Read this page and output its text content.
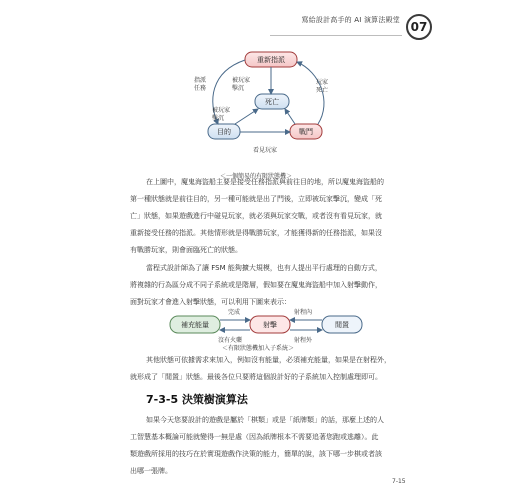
寫給設計高手的 AI 演算法殿堂 07
重新指派
死亡
目的	戰鬥
指派任務
被玩家擊沉
被玩家擊沉
玩家死亡
看見玩家
＜一個簡易的有限狀態機＞
在上圖中，魔鬼海盜船主要是接受任務指派與前往目的地，所以魔鬼海盜船的
第一種狀態就是前往目的，另一種可能就是出了門後，立即被玩家擊沉，變成「死
亡」狀態，如果遊戲進行中碰見玩家，就必須與玩家交戰，或者沒有看見玩家，就
重新接受任務的指派。其他情形就是得戰勝玩家，才能獲得新的任務指派，如果沒
有戰勝玩家，則會面臨死亡的狀態。
當程式設計師為了讓 FSM 能夠擴大規模，也有人提出平行處理的自動方式，
將複雜的行為區分成不同子系統或是階層，假如要在魔鬼海盜船中加入射擊動作，
面對玩家才會進入射擊狀態，可以利用下圖來表示：
補充能量	射擊	閒置
完成
沒有火藥
射程內
射程外
＜有限狀態機加入子系統＞
其他狀態可依據需求來加入，例如沒有能量，必須補充能量，如果是在射程外，
就形成了「閒置」狀態。最後各位只要將這個設計好的子系統加入控制處理即可。
7-3-5 決策樹演算法
如果今天您要設計的遊戲是屬於「棋類」或是「紙牌類」的話，那麼上述的人
工智慧基本概論可能就變得一無是處（因為紙牌根本不需要追著您跑或逃離）。此
類遊戲所採用的技巧在於實現遊戲作決策的能力，簡單的說，該下哪一步棋或者該
出哪一張牌。
7-15
